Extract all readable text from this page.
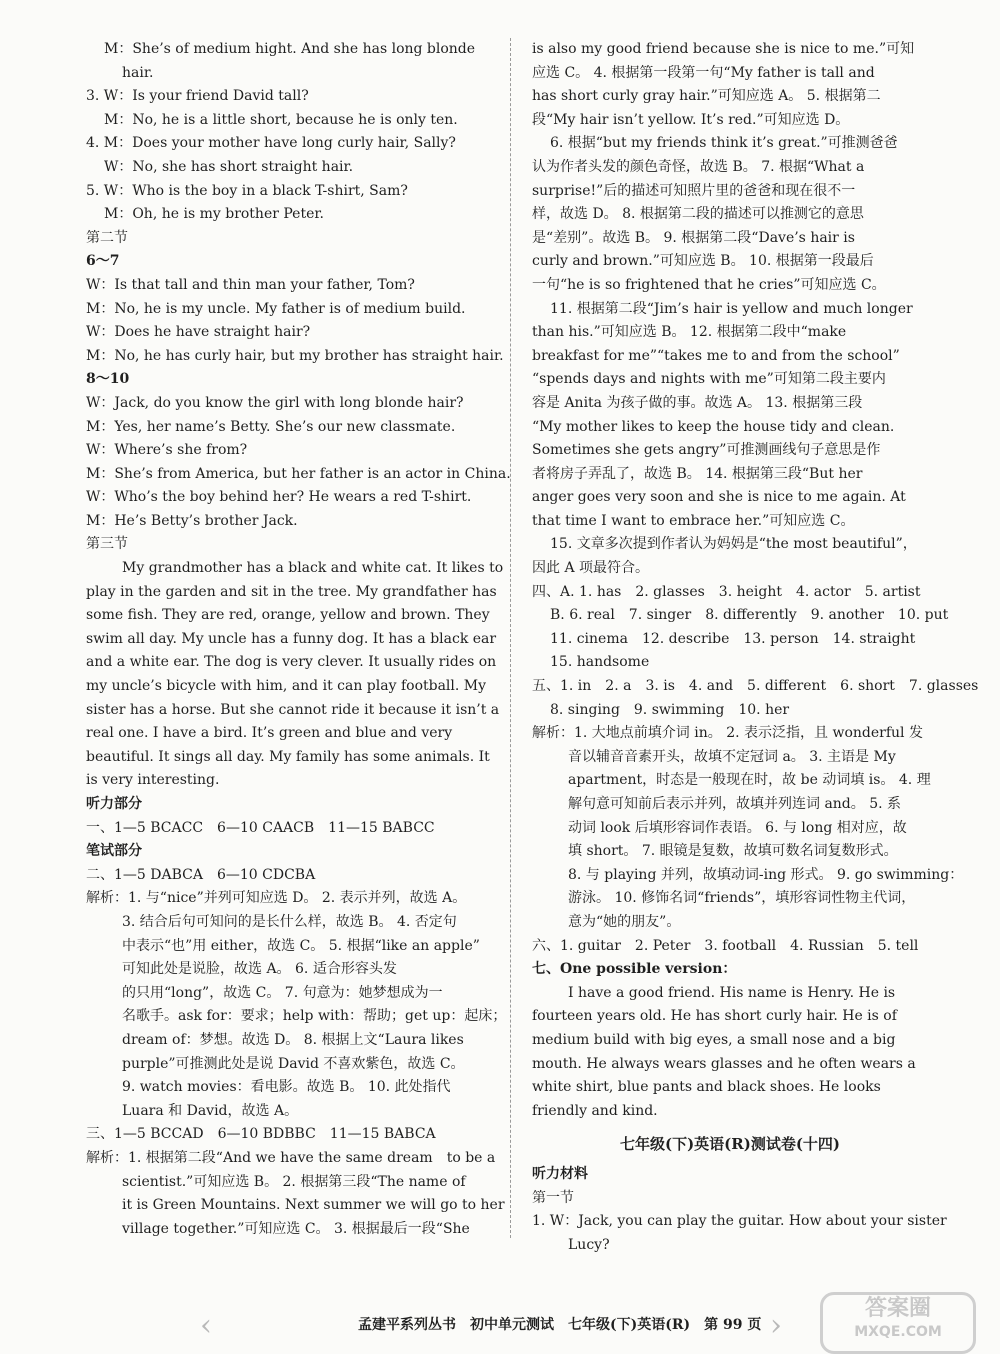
M：She’s of medium hight. And she has long blonde
hair.
3. W：Is your friend David tall?
M：No, he is a little short, because he is only ten.
4. M：Does your mother have long curly hair, Sally?
W：No, she has short straight hair.
5. W：Who is the boy in a black T-shirt, Sam?
M：Oh, he is my brother Peter.
第二节
6～7
W：Is that tall and thin man your father, Tom?
M：No, he is my uncle. My father is of medium build.
W：Does he have straight hair?
M：No, he has curly hair, but my brother has straight hair.
8～10
W：Jack, do you know the girl with long blonde hair?
M：Yes, her name’s Betty. She’s our new classmate.
W：Where’s she from?
M：She’s from America, but her father is an actor in China.
W：Who’s the boy behind her? He wears a red T-shirt.
M：He’s Betty’s brother Jack.
第三节
My grandmother has a black and white cat. It likes to
play in the garden and sit in the tree. My grandfather has
some fish. They are red, orange, yellow and brown. They
swim all day. My uncle has a funny dog. It has a black ear
and a white ear. The dog is very clever. It usually rides on
my uncle’s bicycle with him, and it can play football. My
sister has a horse. But she cannot ride it because it isn’t a
real one. I have a bird. It’s green and blue and very
beautiful. It sings all day. My family has some animals. It
is very interesting.
听力部分
一、1—5 BCACC　6—10 CAACB　11—15 BABCC
笔试部分
二、1—5 DABCA　6—10 CDCBA
解析：1. 与“nice”并列可知应选 D。 2. 表示并列，故选 A。
3. 结合后句可知问的是长什么样，故选 B。 4. 否定句
中表示“也”用 either，故选 C。 5. 根据“like an apple”
可知此处是说脸，故选 A。 6. 适合形容头发
的只用“long”，故选 C。 7. 句意为：她梦想成为一
名歌手。ask for：要求；help with：帮助；get up：起床；
dream of：梦想。故选 D。 8. 根据上文“Laura likes
purple”可推测此处是说 David 不喜欢紫色，故选 C。
9. watch movies：看电影。故选 B。 10. 此处指代
Luara 和 David，故选 A。
三、1—5 BCCAD　6—10 BDBBC　11—15 BABCA
解析：1. 根据第二段“And we have the same dream　to be a
scientist.”可知应选 B。 2. 根据第三段“The name of
it is Green Mountains. Next summer we will go to her
village together.”可知应选 C。 3. 根据最后一段“She
is also my good friend because she is nice to me.”可知
应选 C。 4. 根据第一段第一句“My father is tall and
has short curly gray hair.”可知应选 A。 5. 根据第二
段“My hair isn’t yellow. It’s red.”可知应选 D。
6. 根据“but my friends think it’s great.”可推测爸爸
认为作者头发的颜色奇怪，故选 B。 7. 根据“What a
surprise!”后的描述可知照片里的爸爸和现在很不一
样，故选 D。 8. 根据第二段的描述可以推测它的意思
是“差别”。故选 B。 9. 根据第二段“Dave’s hair is
curly and brown.”可知应选 B。 10. 根据第一段最后
一句“he is so frightened that he cries”可知应选 C。
11. 根据第二段“Jim’s hair is yellow and much longer
than his.”可知应选 B。 12. 根据第二段中“make
breakfast for me”“takes me to and from the school”
“spends days and nights with me”可知第二段主要内
容是 Anita 为孩子做的事。故选 A。 13. 根据第三段
“My mother likes to keep the house tidy and clean.
Sometimes she gets angry”可推测画线句子意思是作
者将房子弄乱了，故选 B。 14. 根据第三段“But her
anger goes very soon and she is nice to me again. At
that time I want to embrace her.”可知应选 C。
15. 文章多次提到作者认为妈妈是“the most beautiful”，
因此 A 项最符合。
四、A. 1. has　2. glasses　3. height　4. actor　5. artist
B. 6. real　7. singer　8. differently　9. another　10. put
11. cinema　12. describe　13. person　14. straight
15. handsome
五、1. in　2. a　3. is　4. and　5. different　6. short　7. glasses
8. singing　9. swimming　10. her
解析：1. 大地点前填介词 in。 2. 表示泛指，且 wonderful 发
音以辅音音素开头，故填不定冠词 a。 3. 主语是 My
apartment，时态是一般现在时，故 be 动词填 is。 4. 理
解句意可知前后表示并列，故填并列连词 and。 5. 系
动词 look 后填形容词作表语。 6. 与 long 相对应，故
填 short。 7. 眼镜是复数，故填可数名词复数形式。
8. 与 playing 并列，故填动词-ing 形式。 9. go swimming：
游泳。 10. 修饰名词“friends”，填形容词性物主代词，
意为“她的朋友”。
六、1. guitar　2. Peter　3. football　4. Russian　5. tell
七、One possible version：
I have a good friend. His name is Henry. He is
fourteen years old. He has short curly hair. He is of
medium build with big eyes, a small nose and a big
mouth. He always wears glasses and he often wears a
white shirt, blue pants and black shoes. He looks
friendly and kind.
七年级(下)英语(R)测试卷(十四)
听力材料
第一节
1. W：Jack, you can play the guitar. How about your sister
Lucy?
‹	孟建平系列丛书　初中单元测试　七年级(下)英语(R)　第 99 页 ›	答案圈
MXQE.COM
